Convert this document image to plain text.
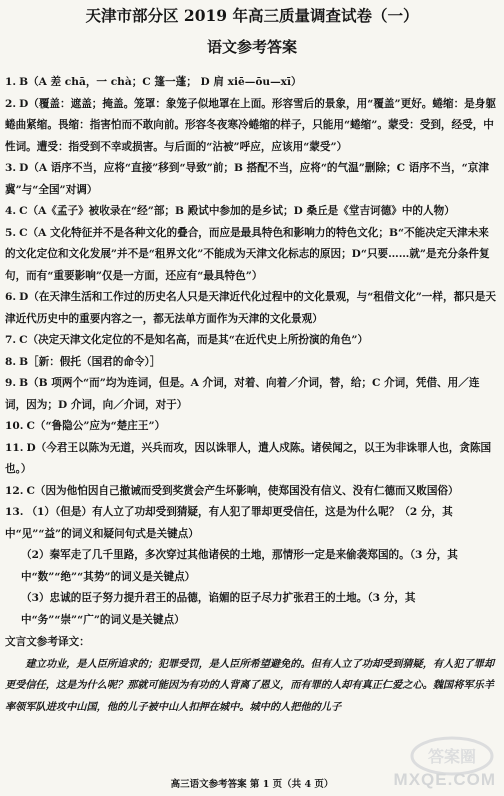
天津市部分区 2019 年高三质量调查试卷（一）
语文参考答案
1. B（A 差 chā，一 chà；C 篷一蓬； D 肩 xiē—ōu—xī）
2. D（覆盖：遮盖；掩盖。笼罩：象笼子似地罩在上面。形容雪后的景象，用“覆盖”更好。蜷缩：是身躯蜷曲紧缩。畏缩：指害怕而不敢向前。形容冬夜寒冷蜷缩的样子，只能用“蜷缩”。蒙受：受到，经受，中性词。遭受：指受到不幸或损害。与后面的“沾被”呼应，应该用“蒙受”）
3. D（A 语序不当，应将“直接”移到“导致”前；B 搭配不当，应将“的气温”删除；C 语序不当，“京津冀”与“全国”对调）
4. C（A《孟子》被收录在“经”部；B 殿试中参加的是乡试；D 桑丘是《堂吉诃德》中的人物）
5. C（A 文化特征并不是各种文化的叠合，而应是最具特色和影响力的特色文化；B“不能决定天津未来的文化定位和文化发展”并不是“租界文化”不能成为天津文化标志的原因；D“只要……就”是充分条件复句，而有“重要影响”仅是一方面，还应有“最具特色”）
6. D（在天津生活和工作过的历史名人只是天津近代化过程中的文化景观，与“租借文化”一样，都只是天津近代历史中的重要内容之一，都无法单方面作为天津的文化景观）
7. C（决定天津文化定位的不是知名高，而是其“在近代史上所扮演的角色”）
8. B［新：假托（国君的命令）］
9. B（B 项两个“而”均为连词，但是。A 介词，对着、向着／介词，替，给；C 介词，凭借、用／连词，因为；D 介词，向／介词，对于）
10. C（“鲁隐公”应为“楚庄王”）
11. D（今君王以陈为无道，兴兵而攻，因以诛罪人，遣人戍陈。诸侯闻之，以王为非诛罪人也，贪陈国也。）
12. C（因为他怕因自己撤诫而受到奖赏会产生坏影响，使郑国没有信义、没有仁德而又败国俗）
13. （1）（但是）有人立了功却受到猜疑，有人犯了罪却更受信任，这是为什么呢？（2 分，其中“见”“益”的词义和疑问句式是关键点）
（2）秦军走了几千里路，多次穿过其他诸侯的土地，那情形一定是来偷袭郑国的。（3 分，其中“数”“绝”“其势”的词义是关键点）
（3）忠诚的臣子努力提升君王的品德，谄媚的臣子尽力扩张君王的土地。（3 分，其中“务”“崇”“广”的词义是关键点）
文言文参考译文：
建立功业，是人臣所追求的；犯罪受罚，是人臣所希望避免的。但有人立了功却受到猜疑，有人犯了罪却更受信任，这是为什么呢？那就可能因为有功的人背离了恩义，而有罪的人却有真正仁爱之心。魏国将军乐羊率领军队进攻中山国，他的儿子被中山人扣押在城中。城中的人把他的儿子
高三语文参考答案 第 1 页（共 4 页）
答案圈
MXQE.COM
